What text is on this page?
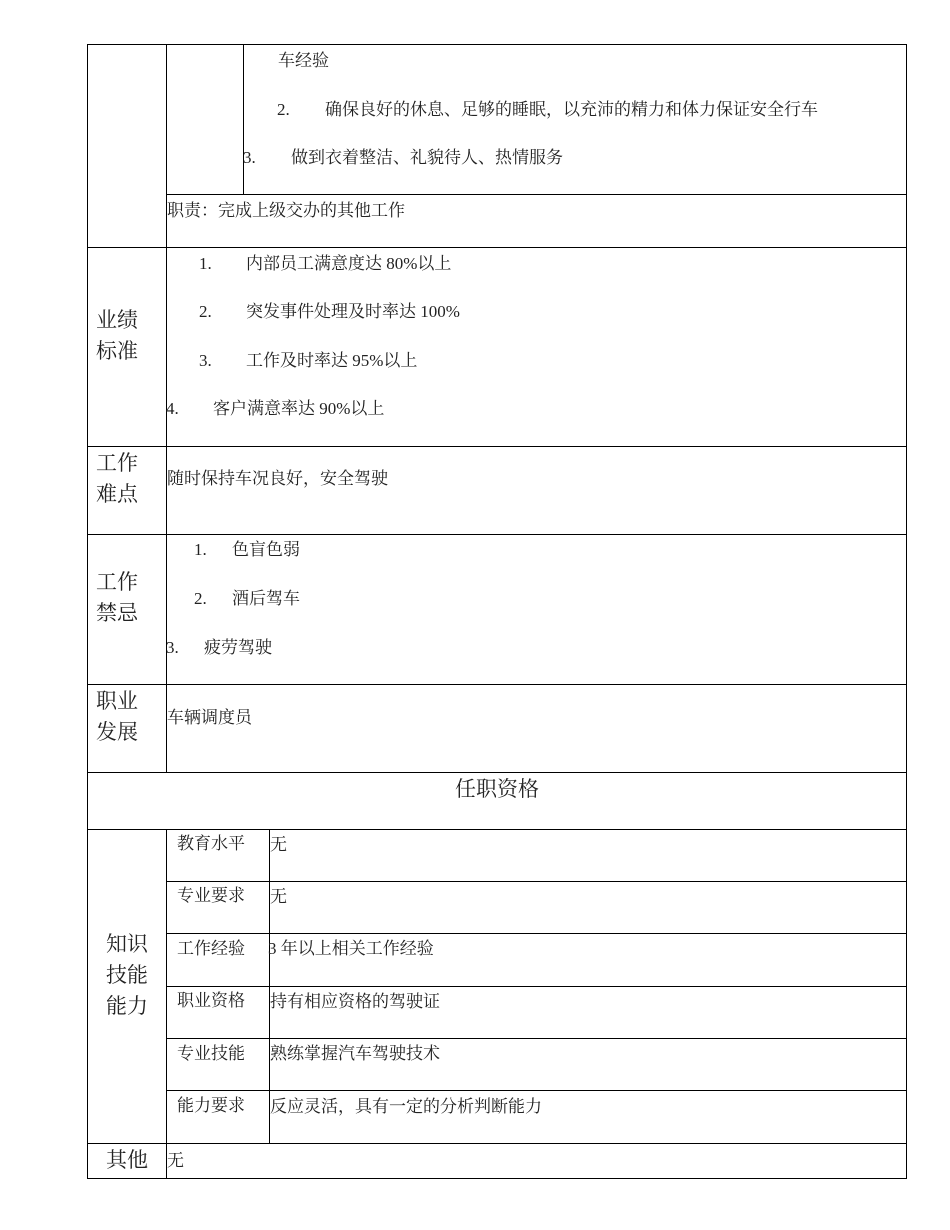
车经验
2. 确保良好的休息、足够的睡眠，以充沛的精力和体力保证安全行车
3. 做到衣着整洁、礼貌待人、热情服务
职责：完成上级交办的其他工作
业绩
标准
1. 内部员工满意度达 80%以上
2. 突发事件处理及时率达 100%
3. 工作及时率达 95%以上
4. 客户满意率达 90%以上
工作
难点
随时保持车况良好，安全驾驶
工作
禁忌
1. 色盲色弱
2. 酒后驾车
3. 疲劳驾驶
职业
发展
车辆调度员
任职资格
知识
技能
能力
教育水平 无
专业要求 无
工作经验 3 年以上相关工作经验
职业资格 持有相应资格的驾驶证
专业技能 熟练掌握汽车驾驶技术
能力要求 反应灵活，具有一定的分析判断能力
其他 无
